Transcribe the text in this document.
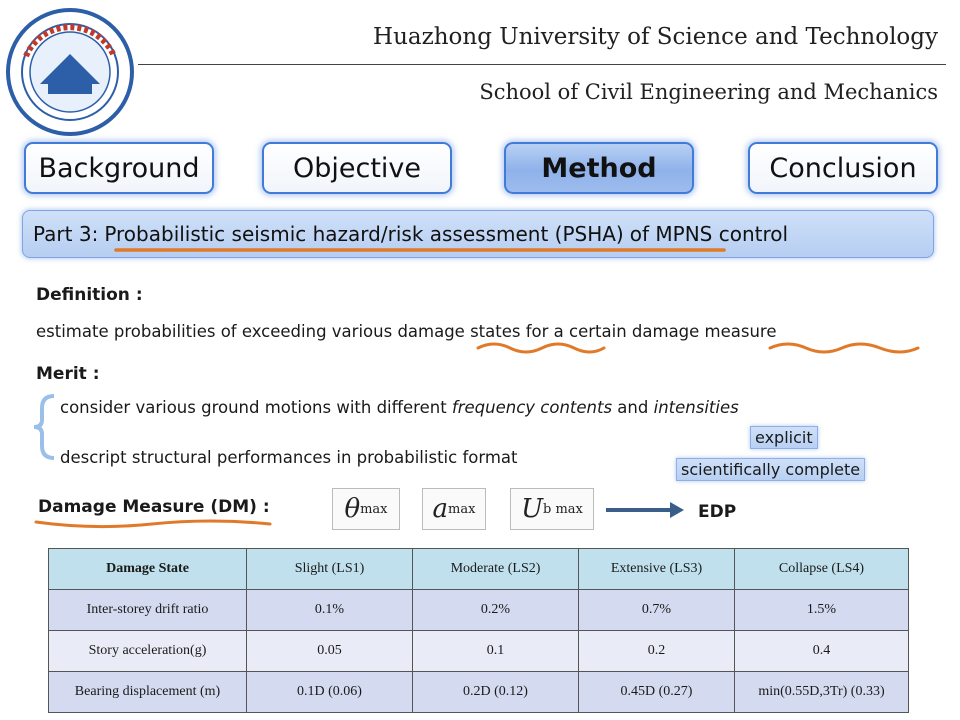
Huazhong University of Science and Technology
School of Civil Engineering and Mechanics
Background	Objective	Method	Conclusion
Part 3: Probabilistic seismic hazard/risk assessment (PSHA) of MPNS control
Definition :
estimate probabilities of exceeding various damage states for a certain damage measure
Merit :
consider various ground motions with different frequency contents and intensities
descript structural performances in probabilistic format
explicit
scientifically complete
Damage Measure (DM) :	θ max a max U b max	EDP
Damage State	Slight (LS1)	Moderate (LS2)	Extensive (LS3)	Collapse (LS4)
Inter-storey drift ratio	0.1%	0.2%	0.7%	1.5%
Story acceleration(g)	0.05	0.1	0.2	0.4
Bearing displacement (m)	0.1D (0.06)	0.2D (0.12)	0.45D (0.27)	min(0.55D,3Tr) (0.33)
